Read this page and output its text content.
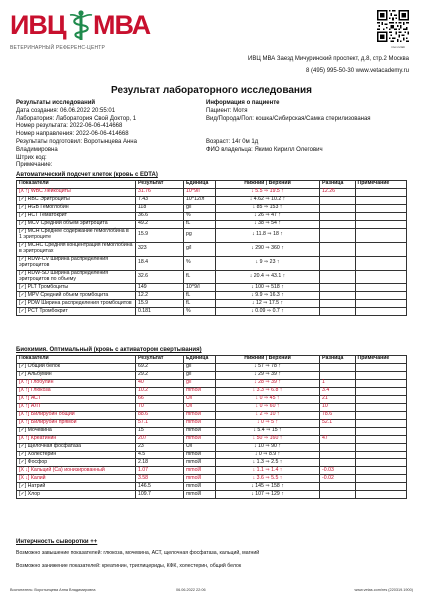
ИВЦ МВА
ВЕТЕРИНАРНЫЙ РЕФЕРЕНС-ЦЕНТР	invc​.ru/lab
ИВЦ МВА Заезд Мичуринский проспект, д.8, стр.2 Москва
8 (495) 995-50-30 www.vetacademy.ru
Результат лабораторного исследования
Результаты исследований
Дата создания: 06.06.2022 20:55:01
Лаборатория: Лаборатория Свой Доктор, 1
Номер результата: 2022-06-06-414668
Номер направления: 2022-06-06-414668
Результаты подготовил: Воротынцева Анна
Владимировна
Штрих код:
Примечание:
Информация о пациенте
Пациент: Мотя
Вид/Порода/Пол: кошка/Сибирская/Самка стерилизованая

Возраст: 14г 0м 1д
ФИО владельца: Якимо Кирилл Олегович
Автоматический подсчет клеток (кровь с EDTA)
Показатели	Результат	Единица	Нижний | Верхний	Разница	Примечание
[Х ↑] WBC Лейкоциты	31.76	10^9/l	↓ 5.5 ⇒ 19.5 ↑	12.26	
[✓] RBC Эритроциты	7.43	10^12/л	↓ 4.62 ⇒ 10.2 ↑		
[✓] HGB Гемоглобин	118	g/l	↓ 85 ⇒ 153 ↑		
[✓] HCT Гематокрит	36.6	%	↓ 26 ⇒ 47 ↑		
[✓] MCV Средний объем эритроцита	49.2	fL	↓ 38 ⇒ 54 ↑		
[✓] MCH Среднее содержание гемоглобина в 1 эритроците	15.9	pg	↓ 11.8 ⇒ 18 ↑		
[✓] MCHC Средняя концентрация гемоглобина в эритроцитах	323	g/l	↓ 290 ⇒ 360 ↑		
[✓] RDW-CV Ширина распределения эритроцитов	18.4	%	↓ 9 ⇒ 23 ↑		
[✓] RDW-SD Ширина распределения эритроцитов по объему	32.6	fL	↓ 20.4 ⇒ 43.1 ↑		
[✓] PLT Тромбоциты	149	10^9/l	↓ 100 ⇒ 518 ↑		
[✓] MPV Средний объем тромбоцита	12.2	fL	↓ 9.9 ⇒ 16.3 ↑		
[✓] PDW Ширина распределения тромбоцитов	15.9	fL	↓ 12 ⇒ 17.5 ↑		
[✓] PCT Тромбокрит	0.181	%	↓ 0.09 ⇒ 0.7 ↑		
Биохимия. Оптимальный (кровь с активатором свертывания)
Показатели	Результат	Единица	Нижний | Верхний	Разница	Примечание
[✓] Общий белок	69.2	g/l	↓ 57 ⇒ 78 ↑		
[✓] Альбумин	29.2	g/l	↓ 29 ⇒ 39 ↑		
[Х ↑] Глобулин	40	g/l	↓ 28 ⇒ 39 ↑	1	
[Х ↑] Глюкоза	10.2	mmol/l	↓ 3.3 ⇒ 6.8 ↑	3.4	
[Х ↑] АСТ	66	U/l	↓ 0 ⇒ 45 ↑	21	
[Х ↑] АЛТ	70	U/l	↓ 0 ⇒ 60 ↑	10	
[Х ↑] Билирубин общий	88.6	mmol/l	↓ 2 ⇒ 10 ↑	78.6	
[Х ↑] Билирубин прямой	57.1	mmol/l	↓ 0 ⇒ 5 ↑	52.1	
[✓] Мочевина	15	mmol/l	↓ 5.4 ⇒ 15 ↑		
[Х ↑] Креатинин	207	mmol/l	↓ 50 ⇒ 160 ↑	47	
[✓] Щелочная фосфатаза	23	U/l	↓ 10 ⇒ 90 ↑		
[✓] Холестерин	4.5	mmol/l	↓ 0 ⇒ 8.9 ↑		
[✓] Фосфор	2.18	mmol/l	↓ 1.3 ⇒ 2.5 ↑		
[Х ↓] Кальций (Ca) ионизированный	1.07	mmol/l	↓ 1.1 ⇒ 1.4 ↑	-0.03	
[Х ↓] Калий	3.58	mmol/l	↓ 3.6 ⇒ 5.5 ↑	-0.02	
[✓] Натрий	146.5	mmol/l	↓ 145 ⇒ 158 ↑		
[✓] Хлор	109.7	mmol/l	↓ 107 ⇒ 129 ↑		
Интерчность сыворотки ++
Возможно завышение показателей: глюкоза, мочевина, АСТ, щелочная фосфатаза, кальций, магний
Возможно занижение показателей: креатинин, триглицериды, КФК, холестерин, общий белок
Воспитатель: Воротынцева Анна Владимировна	06.06.2022 22:06	www.vetas.com/res (220319.1900)
